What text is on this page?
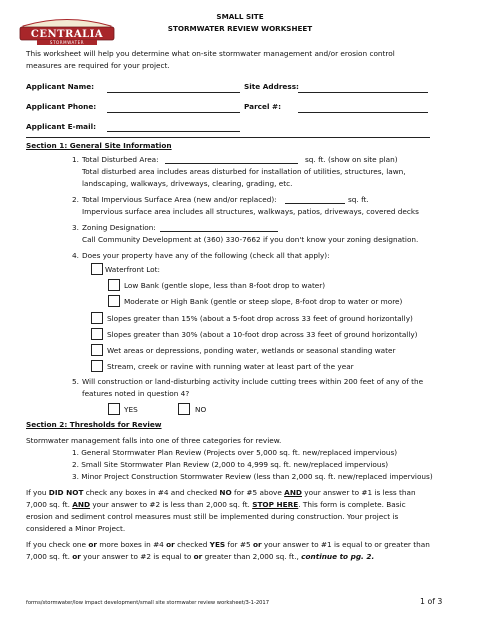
CENTRALIA
STORMWATER
SMALL SITE
STORMWATER REVIEW WORKSHEET
This worksheet will help you determine what on-site stormwater management and/or erosion control
measures are required for your project.
Applicant Name:	Site Address:
Applicant Phone:	Parcel #:
Applicant E-mail:
Section 1: General Site Information
1. Total Disturbed Area:	sq. ft. (show on site plan)
Total disturbed area includes areas disturbed for installation of utilities, structures, lawn,
landscaping, walkways, driveways, clearing, grading, etc.
2. Total Impervious Surface Area (new and/or replaced):	sq. ft.
Impervious surface area includes all structures, walkways, patios, driveways, covered decks
3. Zoning Designation:
Call Community Development at (360) 330-7662 if you don't know your zoning designation.
4. Does your property have any of the following (check all that apply):
Waterfront Lot:
Low Bank (gentle slope, less than 8-foot drop to water)
Moderate or High Bank (gentle or steep slope, 8-foot drop to water or more)
Slopes greater than 15% (about a 5-foot drop across 33 feet of ground horizontally)
Slopes greater than 30% (about a 10-foot drop across 33 feet of ground horizontally)
Wet areas or depressions, ponding water, wetlands or seasonal standing water
Stream, creek or ravine with running water at least part of the year
5. Will construction or land-disturbing activity include cutting trees within 200 feet of any of the
features noted in question 4?
YES	NO
Section 2: Thresholds for Review
Stormwater management falls into one of three categories for review.
1. General Stormwater Plan Review (Projects over 5,000 sq. ft. new/replaced impervious)
2. Small Site Stormwater Plan Review (2,000 to 4,999 sq. ft. new/replaced impervious)
3. Minor Project Construction Stormwater Review (less than 2,000 sq. ft. new/replaced impervious)
If you DID NOT check any boxes in #4 and checked NO for #5 above AND your answer to #1 is less than
7,000 sq. ft. AND your answer to #2 is less than 2,000 sq. ft. STOP HERE. This form is complete. Basic
erosion and sediment control measures must still be implemented during construction. Your project is
considered a Minor Project.
If you check one or more boxes in #4 or checked YES for #5 or your answer to #1 is equal to or greater than
7,000 sq. ft. or your answer to #2 is equal to or greater than 2,000 sq. ft., continue to pg. 2.
forms/stormwater/low impact development/small site stormwater review worksheet/3-1-2017	1 of 3
